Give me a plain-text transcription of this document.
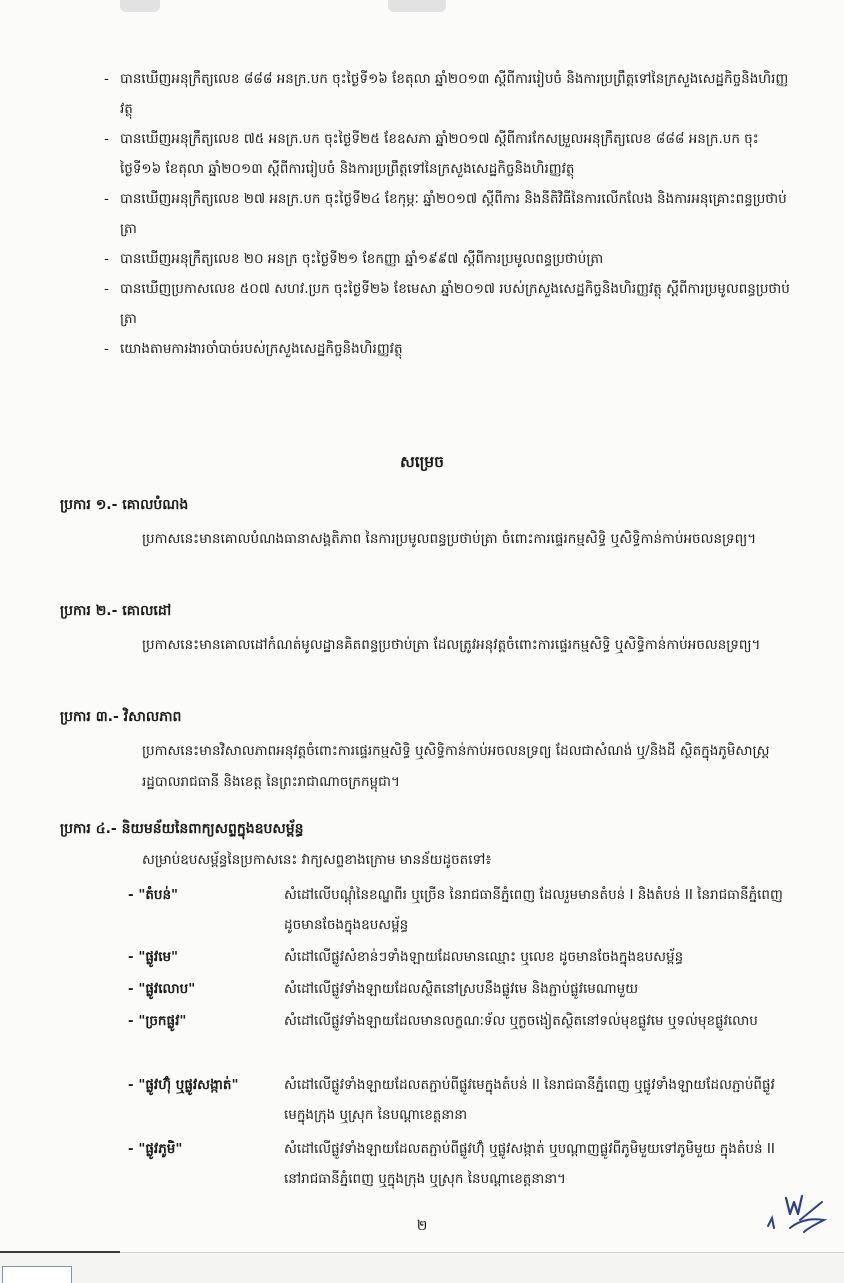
- បានឃើញអនុក្រឹត្យលេខ ៨៨៨ អនក្រ.បក ចុះថ្ងៃទី១៦ ខែតុលា ឆ្នាំ២០១៣ ស្ដីពីការរៀបចំ និងការប្រព្រឹត្តទៅនៃក្រសួងសេដ្ឋកិច្ចនិងហិរញ្ញវត្ថុ
- បានឃើញអនុក្រឹត្យលេខ ៧៥ អនក្រ.បក ចុះថ្ងៃទី២៥ ខែឧសភា ឆ្នាំ២០១៧ ស្ដីពីការកែសម្រួលអនុក្រឹត្យលេខ ៨៨៨ អនក្រ.បក ចុះថ្ងៃទី១៦ ខែតុលា ឆ្នាំ២០១៣ ស្ដីពីការរៀបចំ និងការប្រព្រឹត្តទៅនៃក្រសួងសេដ្ឋកិច្ចនិងហិរញ្ញវត្ថុ
- បានឃើញអនុក្រឹត្យលេខ ២៧ អនក្រ.បក ចុះថ្ងៃទី២៤ ខែកុម្ភៈ ឆ្នាំ២០១៧ ស្ដីពីការ និងនីតិវិធីនៃការលើកលែង និងការអនុគ្រោះពន្ធប្រថាប់ត្រា
- បានឃើញអនុក្រឹត្យលេខ ២០ អនក្រ ចុះថ្ងៃទី២១ ខែកញ្ញា ឆ្នាំ១៩៩៧ ស្ដីពីការប្រមូលពន្ធប្រថាប់ត្រា
- បានឃើញប្រកាសលេខ ៥០៧ សហវ.ប្រក ចុះថ្ងៃទី២៦ ខែមេសា ឆ្នាំ២០១៧ របស់ក្រសួងសេដ្ឋកិច្ចនិងហិរញ្ញវត្ថុ ស្ដីពីការប្រមូលពន្ធប្រថាប់ត្រា
- យោងតាមការងារចាំបាច់របស់ក្រសួងសេដ្ឋកិច្ចនិងហិរញ្ញវត្ថុ
សម្រេច
ប្រការ ១.- គោលបំណង
ប្រកាសនេះមានគោលបំណងធានាសង្គតិភាព នៃការប្រមូលពន្ធប្រថាប់ត្រា ចំពោះការផ្ទេរកម្មសិទ្ធិ ឬសិទ្ធិកាន់កាប់អចលនទ្រព្យ។
ប្រការ ២.- គោលដៅ
ប្រកាសនេះមានគោលដៅកំណត់មូលដ្ឋានគិតពន្ធប្រថាប់ត្រា ដែលត្រូវអនុវត្តចំពោះការផ្ទេរកម្មសិទ្ធិ ឬសិទ្ធិកាន់កាប់អចលនទ្រព្យ។
ប្រការ ៣.- វិសាលភាព
ប្រកាសនេះមានវិសាលភាពអនុវត្តចំពោះការផ្ទេរកម្មសិទ្ធិ ឬសិទ្ធិកាន់កាប់អចលនទ្រព្យ ដែលជាសំណង់ ឬ/និងដី ស្ថិតក្នុងភូមិសាស្ត្ររដ្ឋបាលរាជធានី និងខេត្ត នៃព្រះរាជាណាចក្រកម្ពុជា។
ប្រការ ៤.- និយមន័យនៃពាក្យសព្ទក្នុងឧបសម្ព័ន្ធ
សម្រាប់ឧបសម្ព័ន្ធនៃប្រកាសនេះ វាក្យសព្ទខាងក្រោម មានន័យដូចតទៅ៖
- "តំបន់"	សំដៅលើបណ្ដុំនៃខណ្ឌពីរ ឬច្រើន នៃរាជធានីភ្នំពេញ ដែលរួមមានតំបន់ I និងតំបន់ II នៃរាជធានីភ្នំពេញ ដូចមានចែងក្នុងឧបសម្ព័ន្ធ
- "ផ្លូវមេ"	សំដៅលើផ្លូវសំខាន់ៗទាំងឡាយដែលមានឈ្មោះ ឬលេខ ដូចមានចែងក្នុងឧបសម្ព័ន្ធ
- "ផ្លូវលោប"	សំដៅលើផ្លូវទាំងឡាយដែលស្ថិតនៅស្របនឹងផ្លូវមេ និងភ្ជាប់ផ្លូវមេណាមួយ
- "ច្រកផ្លូវ"	សំដៅលើផ្លូវទាំងឡាយដែលមានលក្ខណៈទ័ល ឬក្ងចងៀតស្ថិតនៅទល់មុខផ្លូវមេ ឬទល់មុខផ្លូវលោប
- "ផ្លូវហ៊ុំ ឬផ្លូវសង្កាត់"	សំដៅលើផ្លូវទាំងឡាយដែលតភ្ជាប់ពីផ្លូវមេក្នុងតំបន់ II នៃរាជធានីភ្នំពេញ ឬផ្លូវទាំងឡាយដែលភ្ជាប់ពីផ្លូវមេក្នុងក្រុង ឬស្រុក នៃបណ្ដាខេត្តនានា
- "ផ្លូវភូមិ"	សំដៅលើផ្លូវទាំងឡាយដែលតភ្ជាប់ពីផ្លូវហ៊ុំ ឬផ្លូវសង្កាត់ ឬបណ្ដាញផ្លូវពីភូមិមួយទៅភូមិមួយ ក្នុងតំបន់ II នៅរាជធានីភ្នំពេញ ឬក្នុងក្រុង ឬស្រុក នៃបណ្ដាខេត្តនានា។
២
